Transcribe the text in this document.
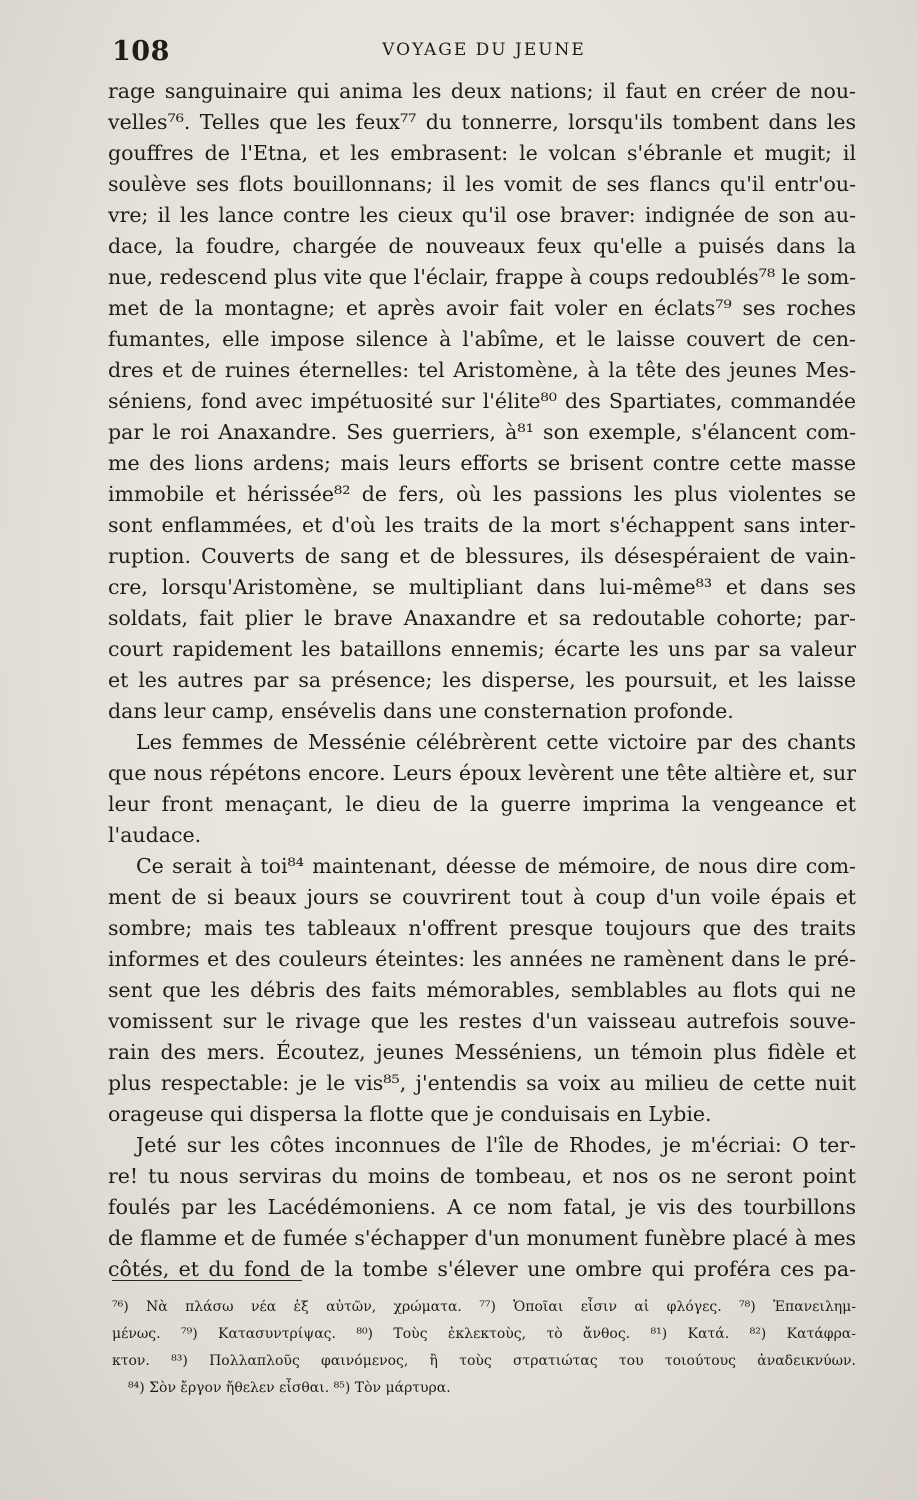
108	VOYAGE DU JEUNE
rage sanguinaire qui anima les deux nations; il faut en créer de nou-
velles⁷⁶. Telles que les feux⁷⁷ du tonnerre, lorsqu'ils tombent dans les
gouffres de l'Etna, et les embrasent: le volcan s'ébranle et mugit; il
soulève ses flots bouillonnans; il les vomit de ses flancs qu'il entr'ou-
vre; il les lance contre les cieux qu'il ose braver: indignée de son au-
dace, la foudre, chargée de nouveaux feux qu'elle a puisés dans la
nue, redescend plus vite que l'éclair, frappe à coups redoublés⁷⁸ le som-
met de la montagne; et après avoir fait voler en éclats⁷⁹ ses roches
fumantes, elle impose silence à l'abîme, et le laisse couvert de cen-
dres et de ruines éternelles: tel Aristomène, à la tête des jeunes Mes-
séniens, fond avec impétuosité sur l'élite⁸⁰ des Spartiates, commandée
par le roi Anaxandre. Ses guerriers, à⁸¹ son exemple, s'élancent com-
me des lions ardens; mais leurs efforts se brisent contre cette masse
immobile et hérissée⁸² de fers, où les passions les plus violentes se
sont enflammées, et d'où les traits de la mort s'échappent sans inter-
ruption. Couverts de sang et de blessures, ils désespéraient de vain-
cre, lorsqu'Aristomène, se multipliant dans lui-même⁸³ et dans ses
soldats, fait plier le brave Anaxandre et sa redoutable cohorte; par-
court rapidement les bataillons ennemis; écarte les uns par sa valeur
et les autres par sa présence; les disperse, les poursuit, et les laisse
dans leur camp, ensévelis dans une consternation profonde.
Les femmes de Messénie célébrèrent cette victoire par des chants
que nous répétons encore. Leurs époux levèrent une tête altière et, sur
leur front menaçant, le dieu de la guerre imprima la vengeance et
l'audace.
Ce serait à toi⁸⁴ maintenant, déesse de mémoire, de nous dire com-
ment de si beaux jours se couvrirent tout à coup d'un voile épais et
sombre; mais tes tableaux n'offrent presque toujours que des traits
informes et des couleurs éteintes: les années ne ramènent dans le pré-
sent que les débris des faits mémorables, semblables au flots qui ne
vomissent sur le rivage que les restes d'un vaisseau autrefois souve-
rain des mers. Écoutez, jeunes Messéniens, un témoin plus fidèle et
plus respectable: je le vis⁸⁵, j'entendis sa voix au milieu de cette nuit
orageuse qui dispersa la flotte que je conduisais en Lybie.
Jeté sur les côtes inconnues de l'île de Rhodes, je m'écriai: O ter-
re! tu nous serviras du moins de tombeau, et nos os ne seront point
foulés par les Lacédémoniens. A ce nom fatal, je vis des tourbillons
de flamme et de fumée s'échapper d'un monument funèbre placé à mes
côtés, et du fond de la tombe s'élever une ombre qui proféra ces pa-
⁷⁶) Νὰ πλάσω νέα ἐξ αὐτῶν, χρώματα. ⁷⁷) Ὁποῖαι εἶσιν αἱ φλόγες. ⁷⁸) Ἐπανειλημ-
μένως. ⁷⁹) Κατασυντρίψας. ⁸⁰) Τοὺς ἐκλεκτοὺς, τὸ ἄνθος. ⁸¹) Κατά. ⁸²) Κατάφρα-
κτον. ⁸³) Πολλαπλοῦς φαινόμενος, ἢ τοὺς στρατιώτας του τοιούτους ἀναδεικνύων.
⁸⁴) Σὸν ἔργον ἤθελεν εἶσθαι. ⁸⁵) Τὸν μάρτυρα.
